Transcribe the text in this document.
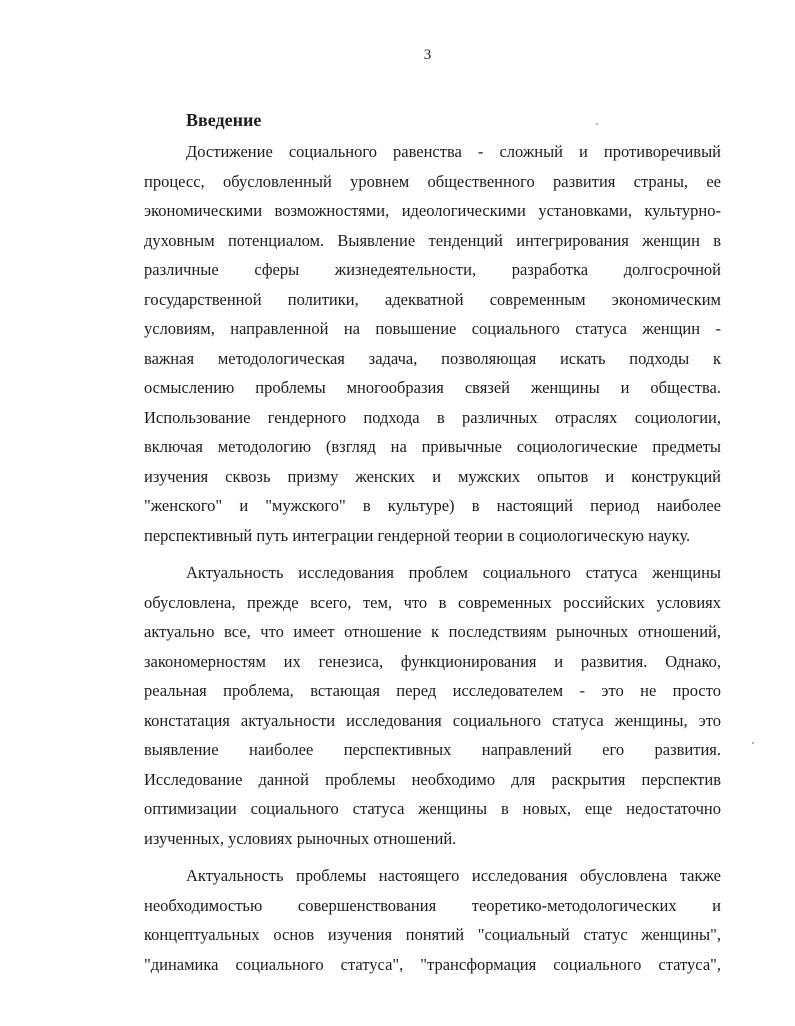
3
Введение
Достижение социального равенства - сложный и противоречивый
процесс, обусловленный уровнем общественного развития страны, ее
экономическими возможностями, идеологическими установками, культурно-
духовным потенциалом. Выявление тенденций интегрирования женщин в
различные сферы жизнедеятельности, разработка долгосрочной
государственной политики, адекватной современным экономическим
условиям, направленной на повышение социального статуса женщин -
важная методологическая задача, позволяющая искать подходы к
осмыслению проблемы многообразия связей женщины и общества.
Использование гендерного подхода в различных отраслях социологии,
включая методологию (взгляд на привычные социологические предметы
изучения сквозь призму женских и мужских опытов и конструкций
"женского" и "мужского" в культуре) в настоящий период наиболее
перспективный путь интеграции гендерной теории в социологическую науку.
Актуальность исследования проблем социального статуса женщины
обусловлена, прежде всего, тем, что в современных российских условиях
актуально все, что имеет отношение к последствиям рыночных отношений,
закономерностям их генезиса, функционирования и развития. Однако,
реальная проблема, встающая перед исследователем - это не просто
констатация актуальности исследования социального статуса женщины, это
выявление наиболее перспективных направлений его развития.
Исследование данной проблемы необходимо для раскрытия перспектив
оптимизации социального статуса женщины в новых, еще недостаточно
изученных, условиях рыночных отношений.
Актуальность проблемы настоящего исследования обусловлена также
необходимостью совершенствования теоретико-методологических и
концептуальных основ изучения понятий "социальный статус женщины",
"динамика социального статуса", "трансформация социального статуса",
